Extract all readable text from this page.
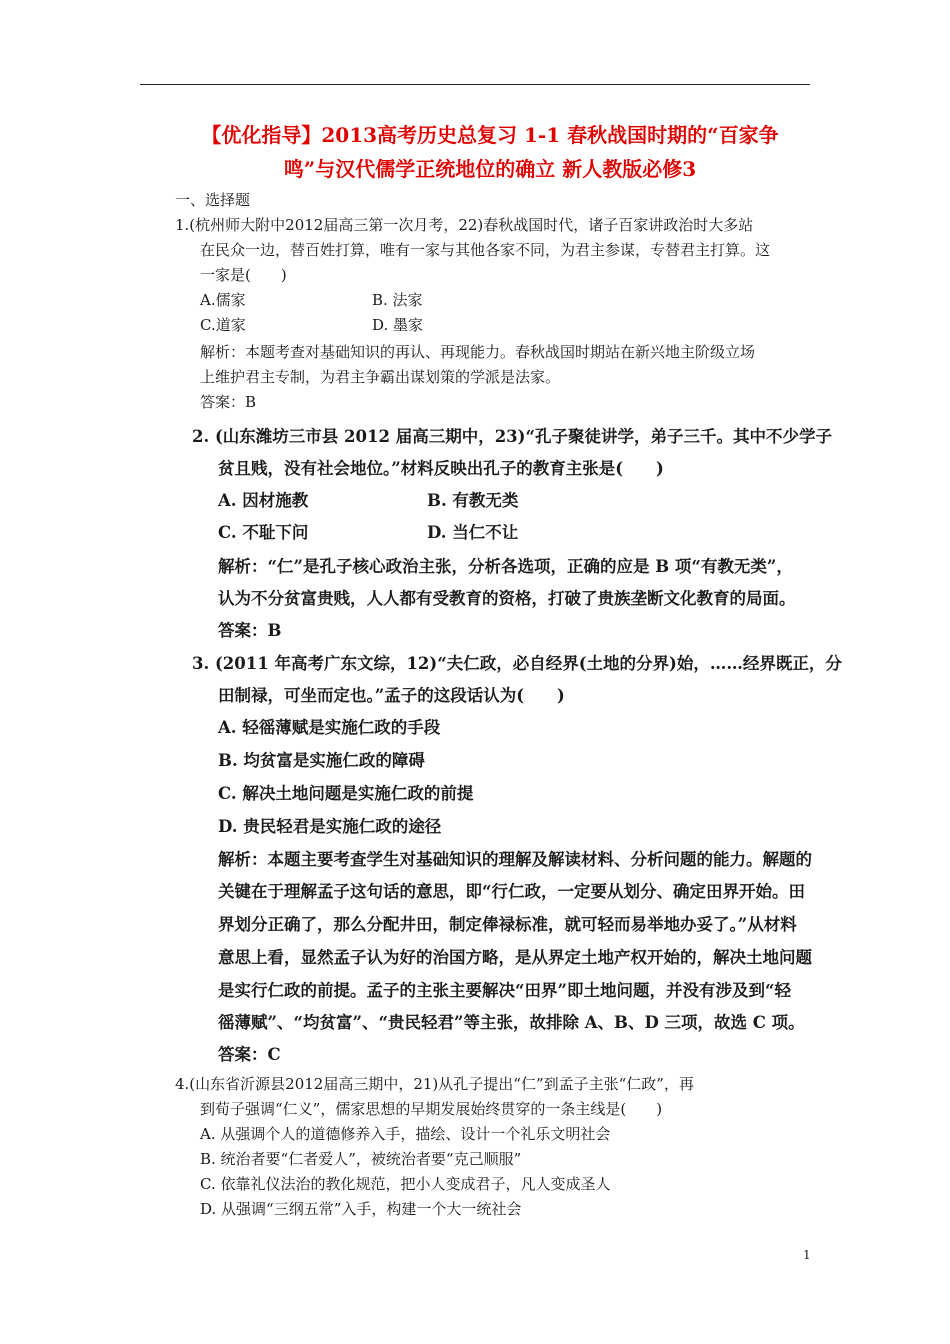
【优化指导】2013高考历史总复习 1-1 春秋战国时期的“百家争
鸣”与汉代儒学正统地位的确立 新人教版必修3
一、选择题
1.(杭州师大附中2012届高三第一次月考，22)春秋战国时代，诸子百家讲政治时大多站
在民众一边，替百姓打算，唯有一家与其他各家不同，为君主参谋，专替君主打算。这
一家是(　　)
A.儒家	B. 法家
C.道家	D. 墨家
解析：本题考查对基础知识的再认、再现能力。春秋战国时期站在新兴地主阶级立场
上维护君主专制，为君主争霸出谋划策的学派是法家。
答案：B
2. (山东潍坊三市县 2012 届高三期中，23)“孔子聚徒讲学，弟子三千。其中不少学子
贫且贱，没有社会地位。”材料反映出孔子的教育主张是(　　)
A. 因材施教	B. 有教无类
C. 不耻下问	D. 当仁不让
解析：“仁”是孔子核心政治主张，分析各选项，正确的应是 B 项“有教无类”，
认为不分贫富贵贱，人人都有受教育的资格，打破了贵族垄断文化教育的局面。
答案：B
3. (2011 年高考广东文综，12)“夫仁政，必自经界(土地的分界)始，……经界既正，分
田制禄，可坐而定也。”孟子的这段话认为(　　)
A. 轻徭薄赋是实施仁政的手段
B. 均贫富是实施仁政的障碍
C. 解决土地问题是实施仁政的前提
D. 贵民轻君是实施仁政的途径
解析：本题主要考查学生对基础知识的理解及解读材料、分析问题的能力。解题的
关键在于理解孟子这句话的意思，即“行仁政，一定要从划分、确定田界开始。田
界划分正确了，那么分配井田，制定俸禄标准，就可轻而易举地办妥了。”从材料
意思上看，显然孟子认为好的治国方略，是从界定土地产权开始的，解决土地问题
是实行仁政的前提。孟子的主张主要解决“田界”即土地问题，并没有涉及到“轻
徭薄赋”、“均贫富”、“贵民轻君”等主张，故排除 A、B、D 三项，故选 C 项。
答案：C
4.(山东省沂源县2012届高三期中，21)从孔子提出“仁”到孟子主张“仁政”，再
到荀子强调“仁义”，儒家思想的早期发展始终贯穿的一条主线是(　　)
A. 从强调个人的道德修养入手，描绘、设计一个礼乐文明社会
B. 统治者要“仁者爱人”，被统治者要“克己顺服”
C. 依靠礼仪法治的教化规范，把小人变成君子，凡人变成圣人
D. 从强调“三纲五常”入手，构建一个大一统社会
1
